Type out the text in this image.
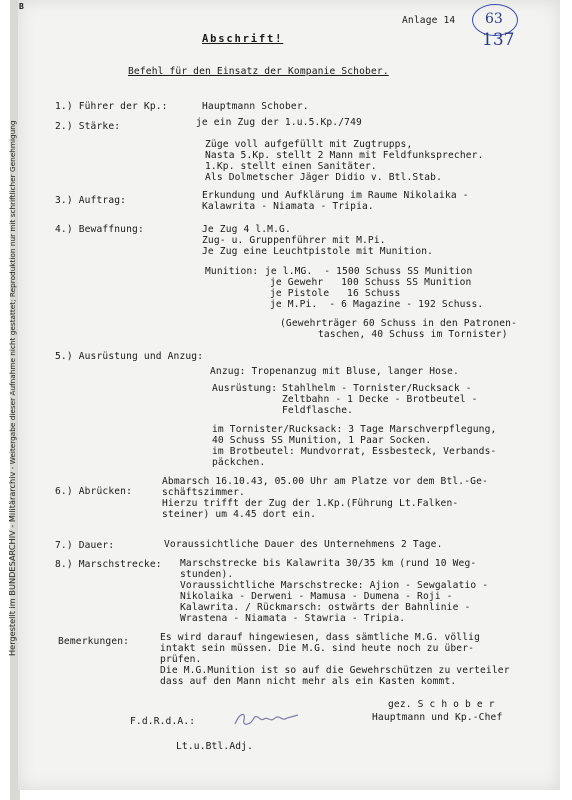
Hergestellt im BUNDESARCHIV - Militärarchiv - Weitergabe dieser Aufnahme nicht gestattet; Reproduktion nur mit schriftlicher Genehmigung
B
Anlage 14 63
137
Abschrift!
Befehl für den Einsatz der Kompanie Schober.
1.) Führer der Kp.:	Hauptmann Schober.
2.) Stärke:	je ein Zug der 1.u.5.Kp./749
Züge voll aufgefüllt mit Zugtrupps,
Nasta 5.Kp. stellt 2 Mann mit Feldfunksprecher.
1.Kp. stellt einen Sanitäter.
Als Dolmetscher Jäger Didio v. Btl.Stab.
3.) Auftrag:	Erkundung und Aufklärung im Raume Nikolaika -
Kalawrita - Niamata - Tripia.
4.) Bewaffnung:	Je Zug 4 l.M.G.
Zug- u. Gruppenführer mit M.Pi.
Je Zug eine Leuchtpistole mit Munition.
Munition: je l.MG.  - 1500 Schuss SS Munition
je Gewehr   100 Schuss SS Munition
je Pistole   16 Schuss
je M.Pi.  - 6 Magazine - 192 Schuss.
(Gewehrträger 60 Schuss in den Patronen-
taschen, 40 Schuss im Tornister)
5.) Ausrüstung und Anzug:
Anzug: Tropenanzug mit Bluse, langer Hose.
Ausrüstung: Stahlhelm - Tornister/Rucksack -
Zeltbahn - 1 Decke - Brotbeutel -
Feldflasche.
im Tornister/Rucksack: 3 Tage Marschverpflegung,
40 Schuss SS Munition, 1 Paar Socken.
im Brotbeutel: Mundvorrat, Essbesteck, Verbands-
päckchen.
6.) Abrücken:
Abmarsch 16.10.43, 05.00 Uhr am Platze vor dem Btl.-Ge-
schäftszimmer.
Hierzu trifft der Zug der 1.Kp.(Führung Lt.Falken-
steiner) um 4.45 dort ein.
7.) Dauer:	Voraussichtliche Dauer des Unternehmens 2 Tage.
8.) Marschstrecke: Marschstrecke bis Kalawrita 30/35 km (rund 10 Weg-
stunden).
Voraussichtliche Marschstrecke: Ajion - Sewgalatio -
Nikolaika - Derweni - Mamusa - Dumena - Roji -
Kalawrita. / Rückmarsch: ostwärts der Bahnlinie -
Wrastena - Niamata - Stawria - Tripia.
Bemerkungen:	Es wird darauf hingewiesen, dass sämtliche M.G. völlig
intakt sein müssen. Die M.G. sind heute noch zu über-
prüfen.
Die M.G.Munition ist so auf die Gewehrschützen zu verteiler
dass auf den Mann nicht mehr als ein Kasten kommt.
gez. S c h o b e r
Hauptmann und Kp.-Chef
F.d.R.d.A.:
Lt.u.Btl.Adj.
